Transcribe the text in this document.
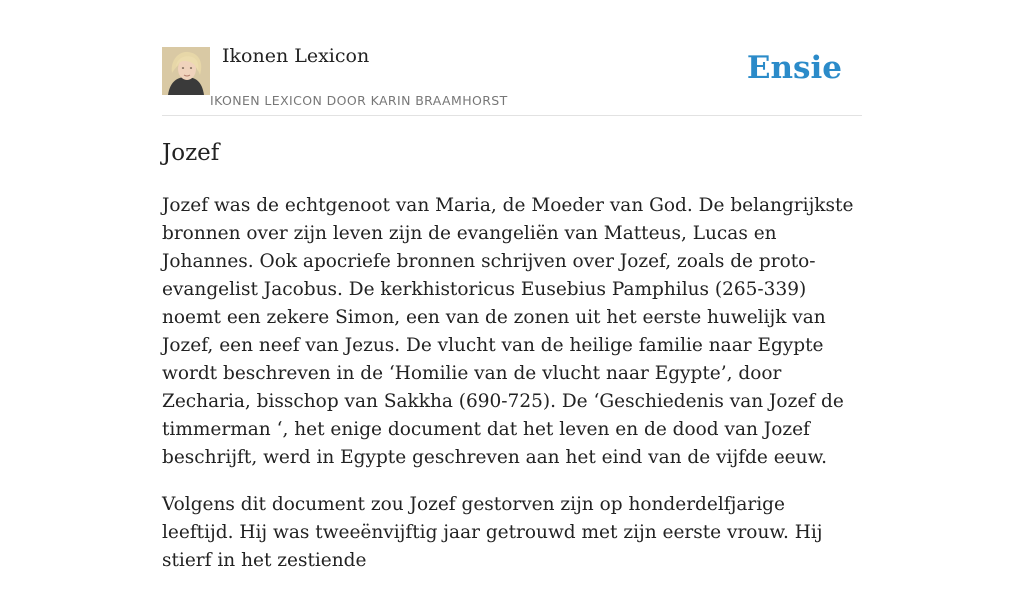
Ikonen Lexicon
IKONEN LEXICON DOOR KARIN BRAAMHORST
Ensie
Jozef

Jozef was de echtgenoot van Maria, de Moeder van God. De belangrijkste bronnen over zijn leven zijn de evangeliën van Matteus, Lucas en Johannes. Ook apocriefe bronnen schrijven over Jozef, zoals de proto-evangelist Jacobus. De kerkhistoricus Eusebius Pamphilus (265-339) noemt een zekere Simon, een van de zonen uit het eerste huwelijk van Jozef, een neef van Jezus. De vlucht van de heilige familie naar Egypte wordt beschreven in de ‘Homilie van de vlucht naar Egypte’, door Zecharia, bisschop van Sakkha (690-725). De ‘Geschiedenis van Jozef de timmerman ‘, het enige document dat het leven en de dood van Jozef beschrijft, werd in Egypte geschreven aan het eind van de vijfde eeuw.

Volgens dit document zou Jozef gestorven zijn op honderdelfjarige leeftijd. Hij was tweeënvijftig jaar getrouwd met zijn eerste vrouw. Hij stierf in het zestiende
